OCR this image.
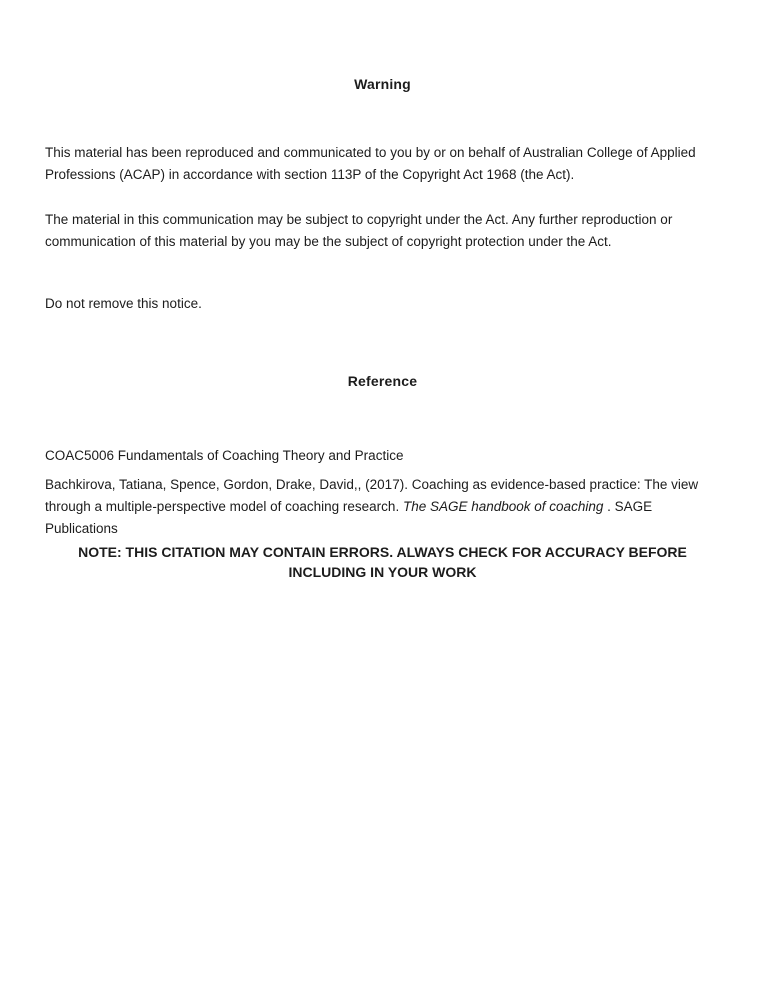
Warning

This material has been reproduced and communicated to you by or on behalf of Australian College of Applied Professions (ACAP) in accordance with section 113P of the Copyright Act 1968 (the Act).

The material in this communication may be subject to copyright under the Act. Any further reproduction or communication of this material by you may be the subject of copyright protection under the Act.

Do not remove this notice.

Reference

COAC5006 Fundamentals of Coaching Theory and Practice

Bachkirova, Tatiana, Spence, Gordon, Drake, David,, (2017). Coaching as evidence-based practice: The view through a multiple-perspective model of coaching research. The SAGE handbook of coaching . SAGE Publications

NOTE: THIS CITATION MAY CONTAIN ERRORS. ALWAYS CHECK FOR ACCURACY BEFORE INCLUDING IN YOUR WORK
